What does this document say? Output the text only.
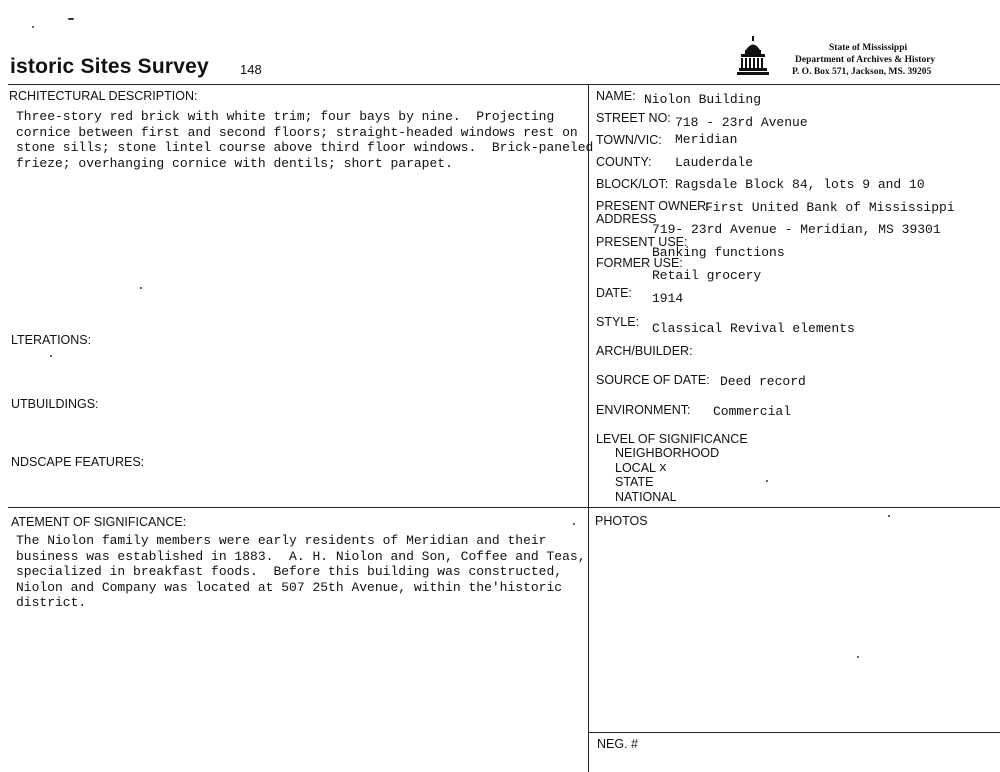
istoric Sites Survey 148
State of Mississippi
Department of Archives & History
P. O. Box 571, Jackson, MS. 39205
RCHITECTURAL DESCRIPTION:
Three-story red brick with white trim; four bays by nine.  Projecting
cornice between first and second floors; straight-headed windows rest on
stone sills; stone lintel course above third floor windows.  Brick-paneled
frieze; overhanging cornice with dentils; short parapet.
LTERATIONS:
UTBUILDINGS:
NDSCAPE FEATURES:
ATEMENT OF SIGNIFICANCE:
The Niolon family members were early residents of Meridian and their
business was established in 1883.  A. H. Niolon and Son, Coffee and Teas,
specialized in breakfast foods.  Before this building was constructed,
Niolon and Company was located at 507 25th Avenue, within the'historic
district.
NAME: Niolon Building
STREET NO: 718 - 23rd Avenue
TOWN/VIC: Meridian
COUNTY: Lauderdale
BLOCK/LOT: Ragsdale Block 84, lots 9 and 10
PRESENT OWNER:
First United Bank of Mississippi
ADDRESS
719- 23rd Avenue - Meridian, MS 39301
PRESENT USE:
Banking functions
FORMER USE:
Retail grocery
DATE: 1914
STYLE: Classical Revival elements
ARCH/BUILDER:
SOURCE OF DATE: Deed record
ENVIRONMENT: Commercial
LEVEL OF SIGNIFICANCE
NEIGHBORHOOD
LOCAL x
STATE
NATIONAL
PHOTOS
NEG. #
